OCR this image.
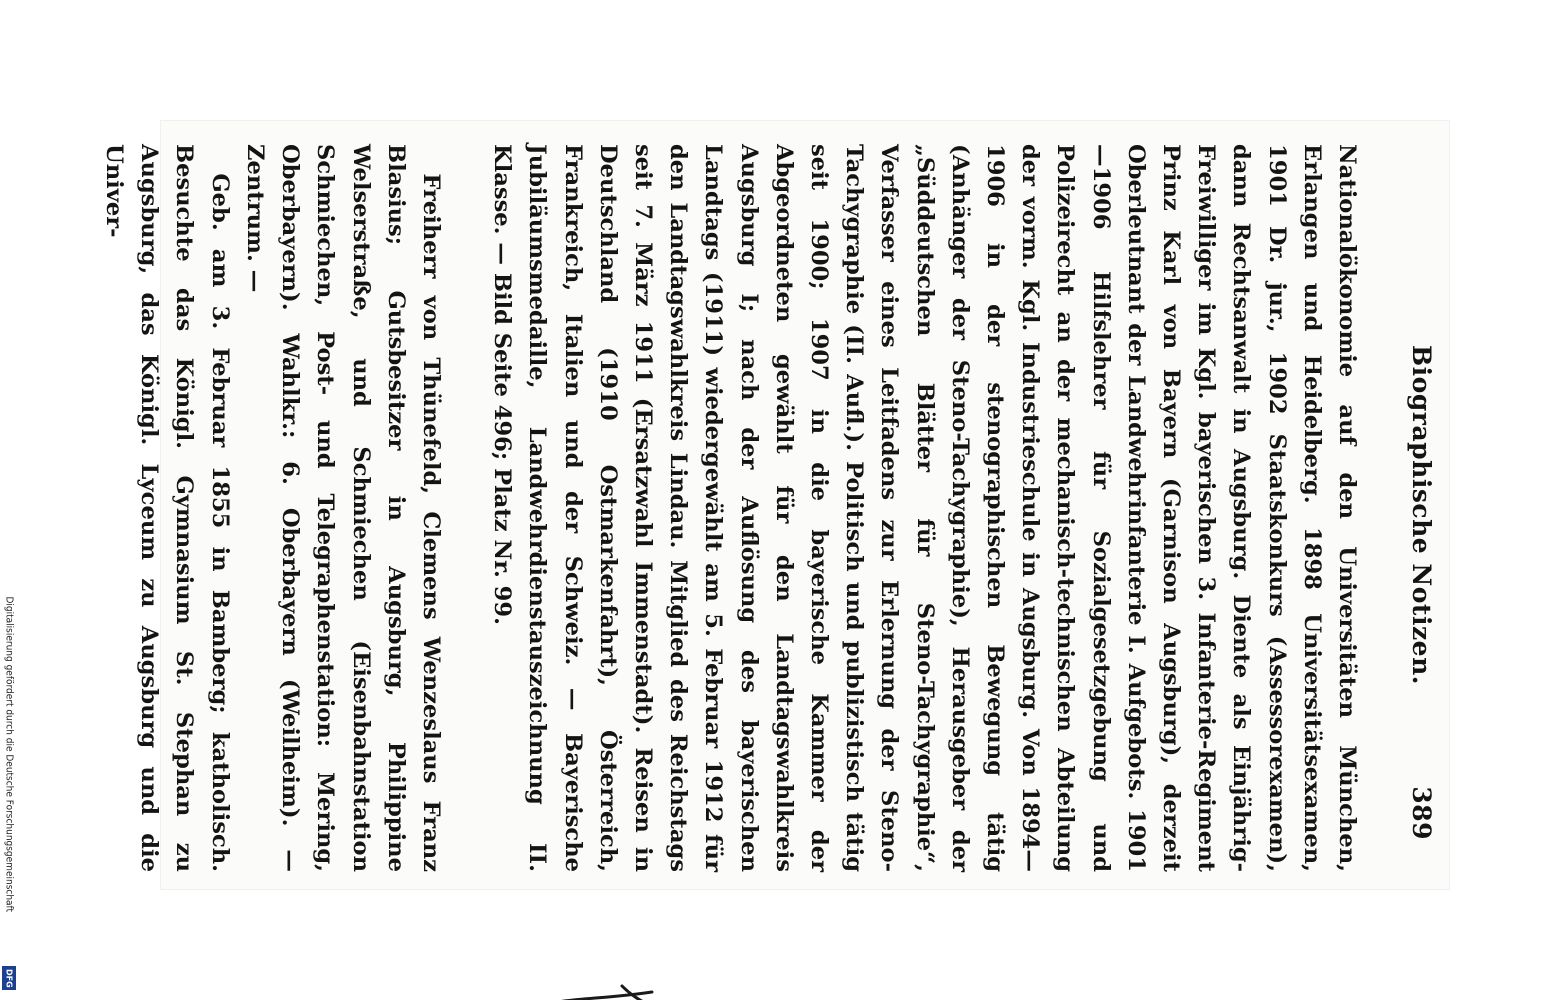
Biographische Notizen.
389

Nationalökonomie auf den Universitäten München, Erlangen und Heidelberg. 1898 Universitätsexamen, 1901 Dr. jur., 1902 Staatskonkurs (Assessorexamen), dann Rechtsanwalt in Augsburg. Diente als Einjährig-Freiwilliger im Kgl. bayerischen 3. Infanterie-Regiment Prinz Karl von Bayern (Garnison Augsburg), derzeit Oberleutnant der Landwehrinfanterie I. Aufgebots. 1901—1906 Hilfslehrer für Sozialgesetzgebung und Polizeirecht an der mechanisch-technischen Abteilung der vorm. Kgl. Industrieschule in Augsburg. Von 1894—1906 in der stenographischen Bewegung tätig (Anhänger der Steno-Tachygraphie), Herausgeber der „Süddeutschen Blätter für Steno-Tachygraphie“, Verfasser eines Leitfadens zur Erlernung der Steno-Tachygraphie (II. Aufl.). Politisch und publizistisch tätig seit 1900; 1907 in die bayerische Kammer der Abgeordneten gewählt für den Landtagswahlkreis Augsburg I; nach der Auflösung des bayerischen Landtags (1911) wiedergewählt am 5. Februar 1912 für den Landtagswahlkreis Lindau. Mitglied des Reichstags seit 7. März 1911 (Ersatzwahl Immenstadt). Reisen in Deutschland (1910 Ostmarkenfahrt), Österreich, Frankreich, Italien und der Schweiz. — Bayerische Jubiläumsmedaille, Landwehrdienstauszeichnung II. Klasse. — Bild Seite 496; Platz Nr. 99.

Freiherr von Thünefeld, Clemens Wenzeslaus Franz Blasius; Gutsbesitzer in Augsburg, Philippine Welserstraße, und Schmiechen (Eisenbahnstation Schmiechen, Post- und Telegraphenstation: Mering, Oberbayern). Wahlkr.: 6. Oberbayern (Weilheim). — Zentrum. —

Geb. am 3. Februar 1855 in Bamberg; katholisch. Besuchte das Königl. Gymnasium St. Stephan zu Augsburg, das Königl. Lyceum zu Augsburg und die Univer-

Digitalisierung gefördert durch die Deutsche Forschungsgemeinschaft
DFG
